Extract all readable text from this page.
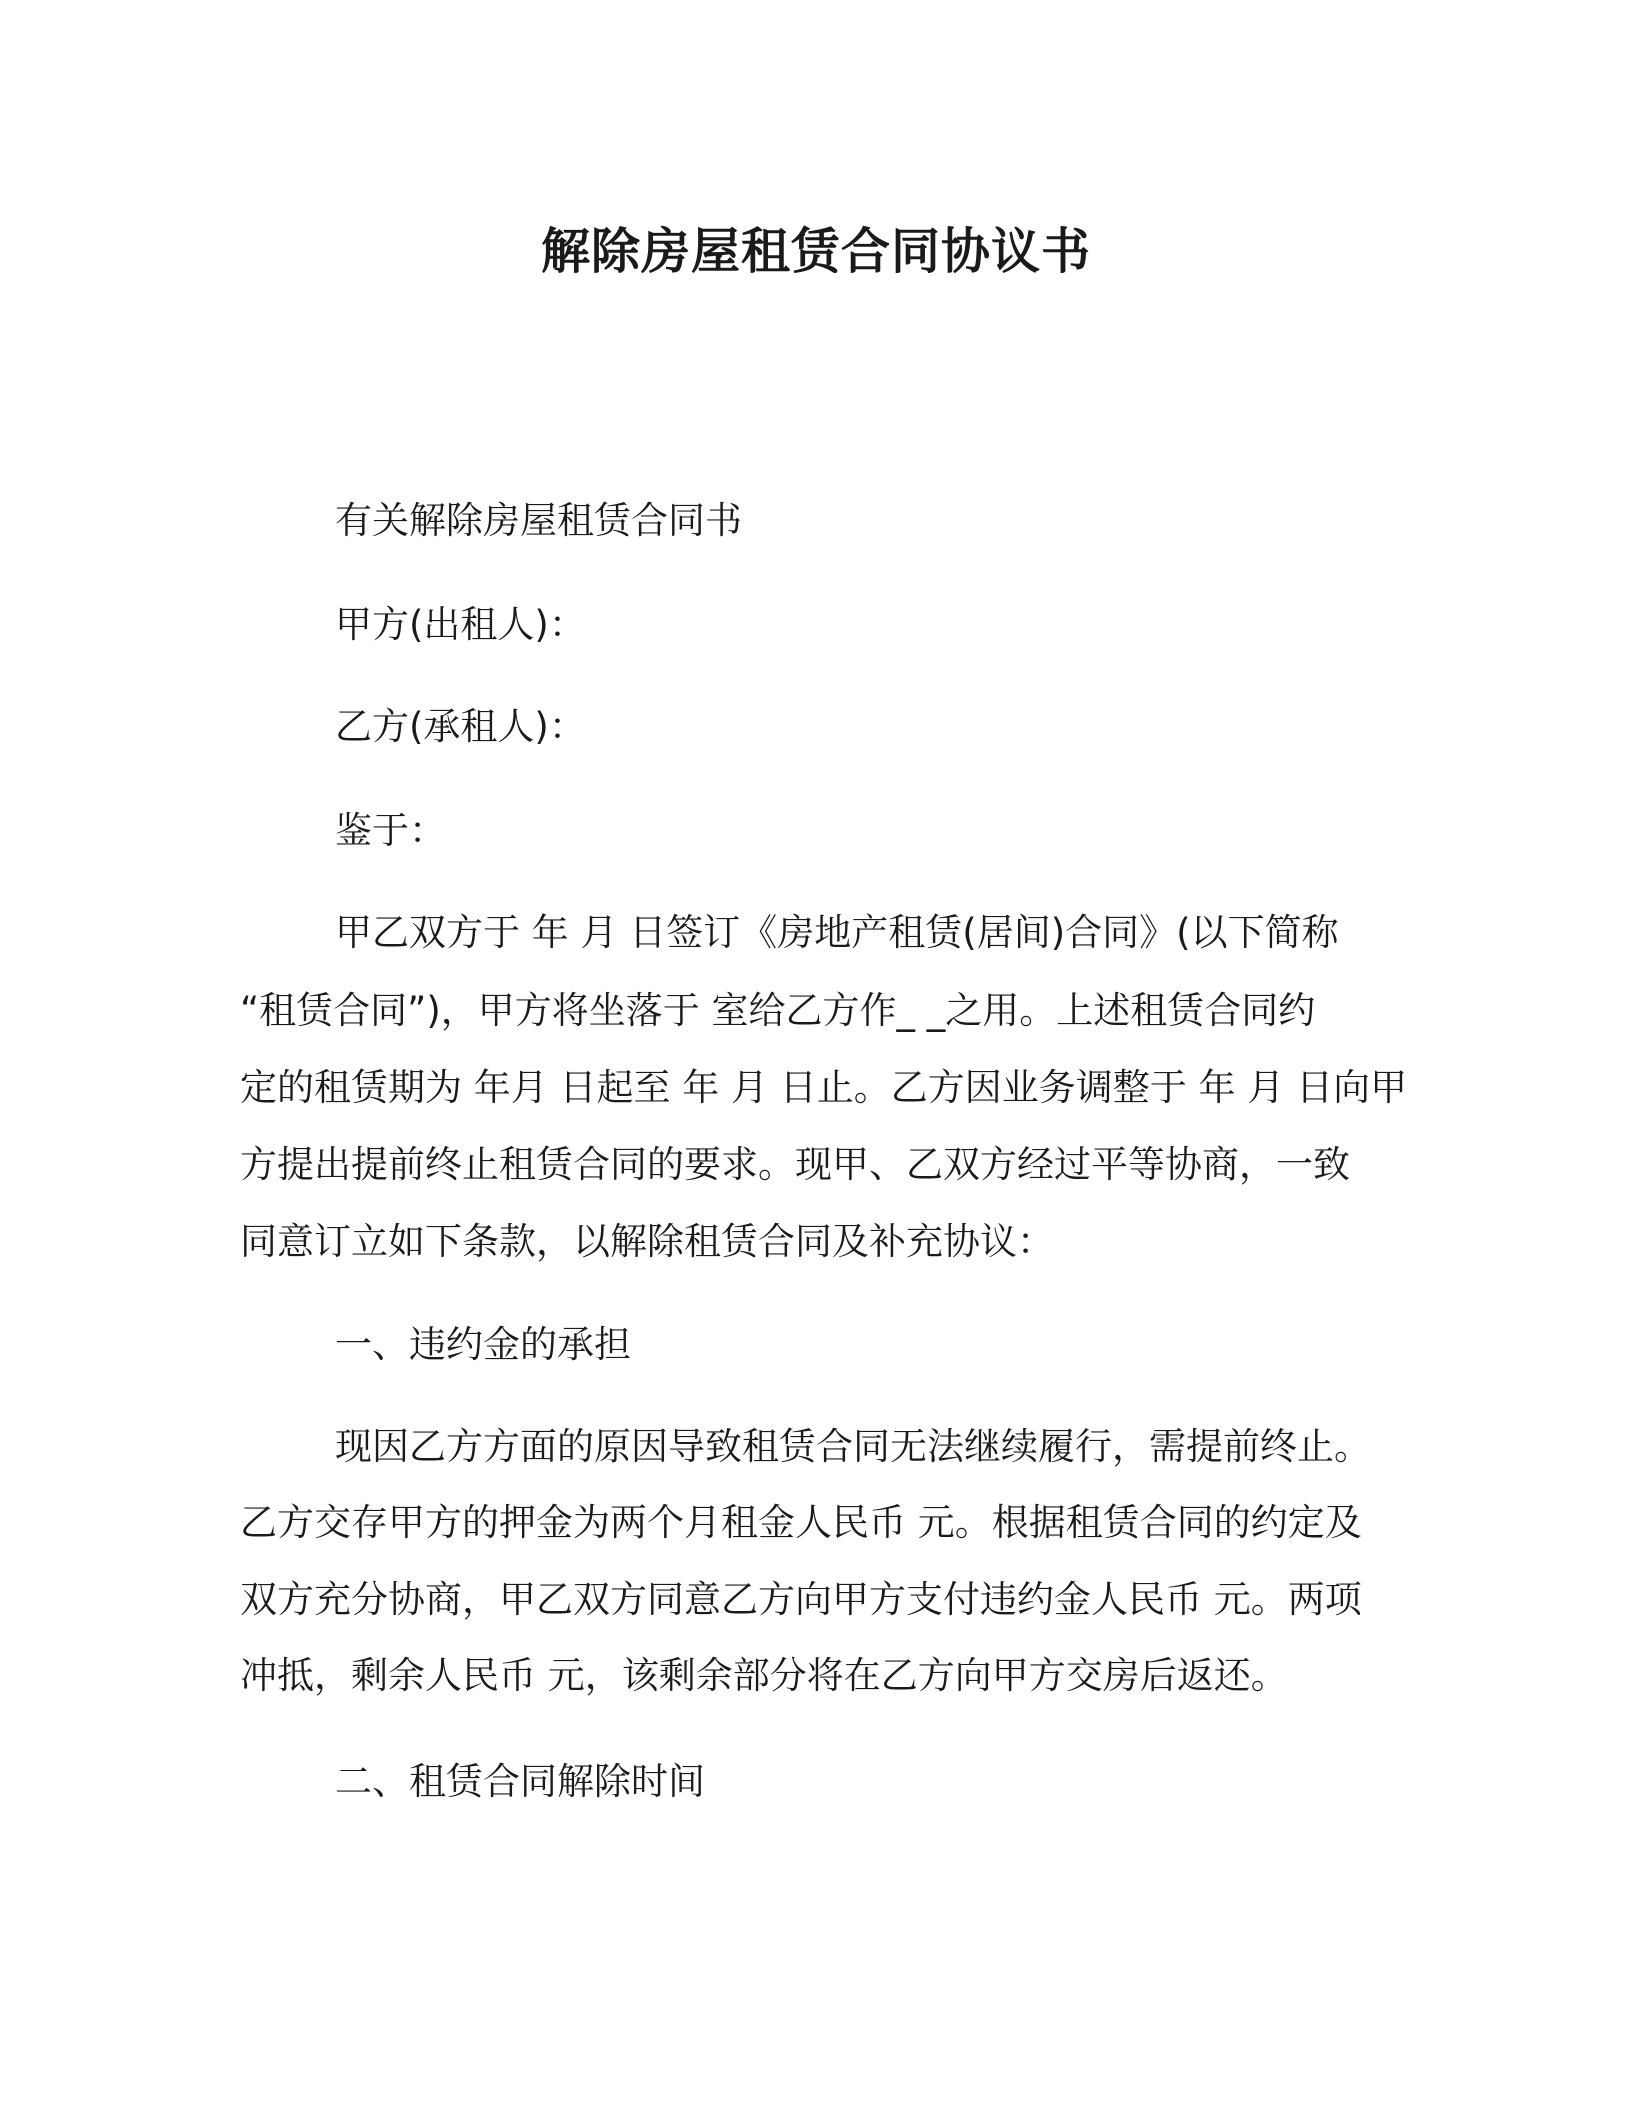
解除房屋租赁合同协议书
有关解除房屋租赁合同书
甲方(出租人)：
乙方(承租人)：
鉴于：
甲乙双方于 年 月 日签订《房地产租赁(居间)合同》(以下简称
“租赁合同”)，甲方将坐落于 室给乙方作_ _之用。上述租赁合同约
定的租赁期为 年月 日起至 年 月 日止。乙方因业务调整于 年 月 日向甲
方提出提前终止租赁合同的要求。现甲、乙双方经过平等协商，一致
同意订立如下条款，以解除租赁合同及补充协议：
一、违约金的承担
现因乙方方面的原因导致租赁合同无法继续履行，需提前终止。
乙方交存甲方的押金为两个月租金人民币 元。根据租赁合同的约定及
双方充分协商，甲乙双方同意乙方向甲方支付违约金人民币 元。两项
冲抵，剩余人民币 元，该剩余部分将在乙方向甲方交房后返还。
二、租赁合同解除时间
